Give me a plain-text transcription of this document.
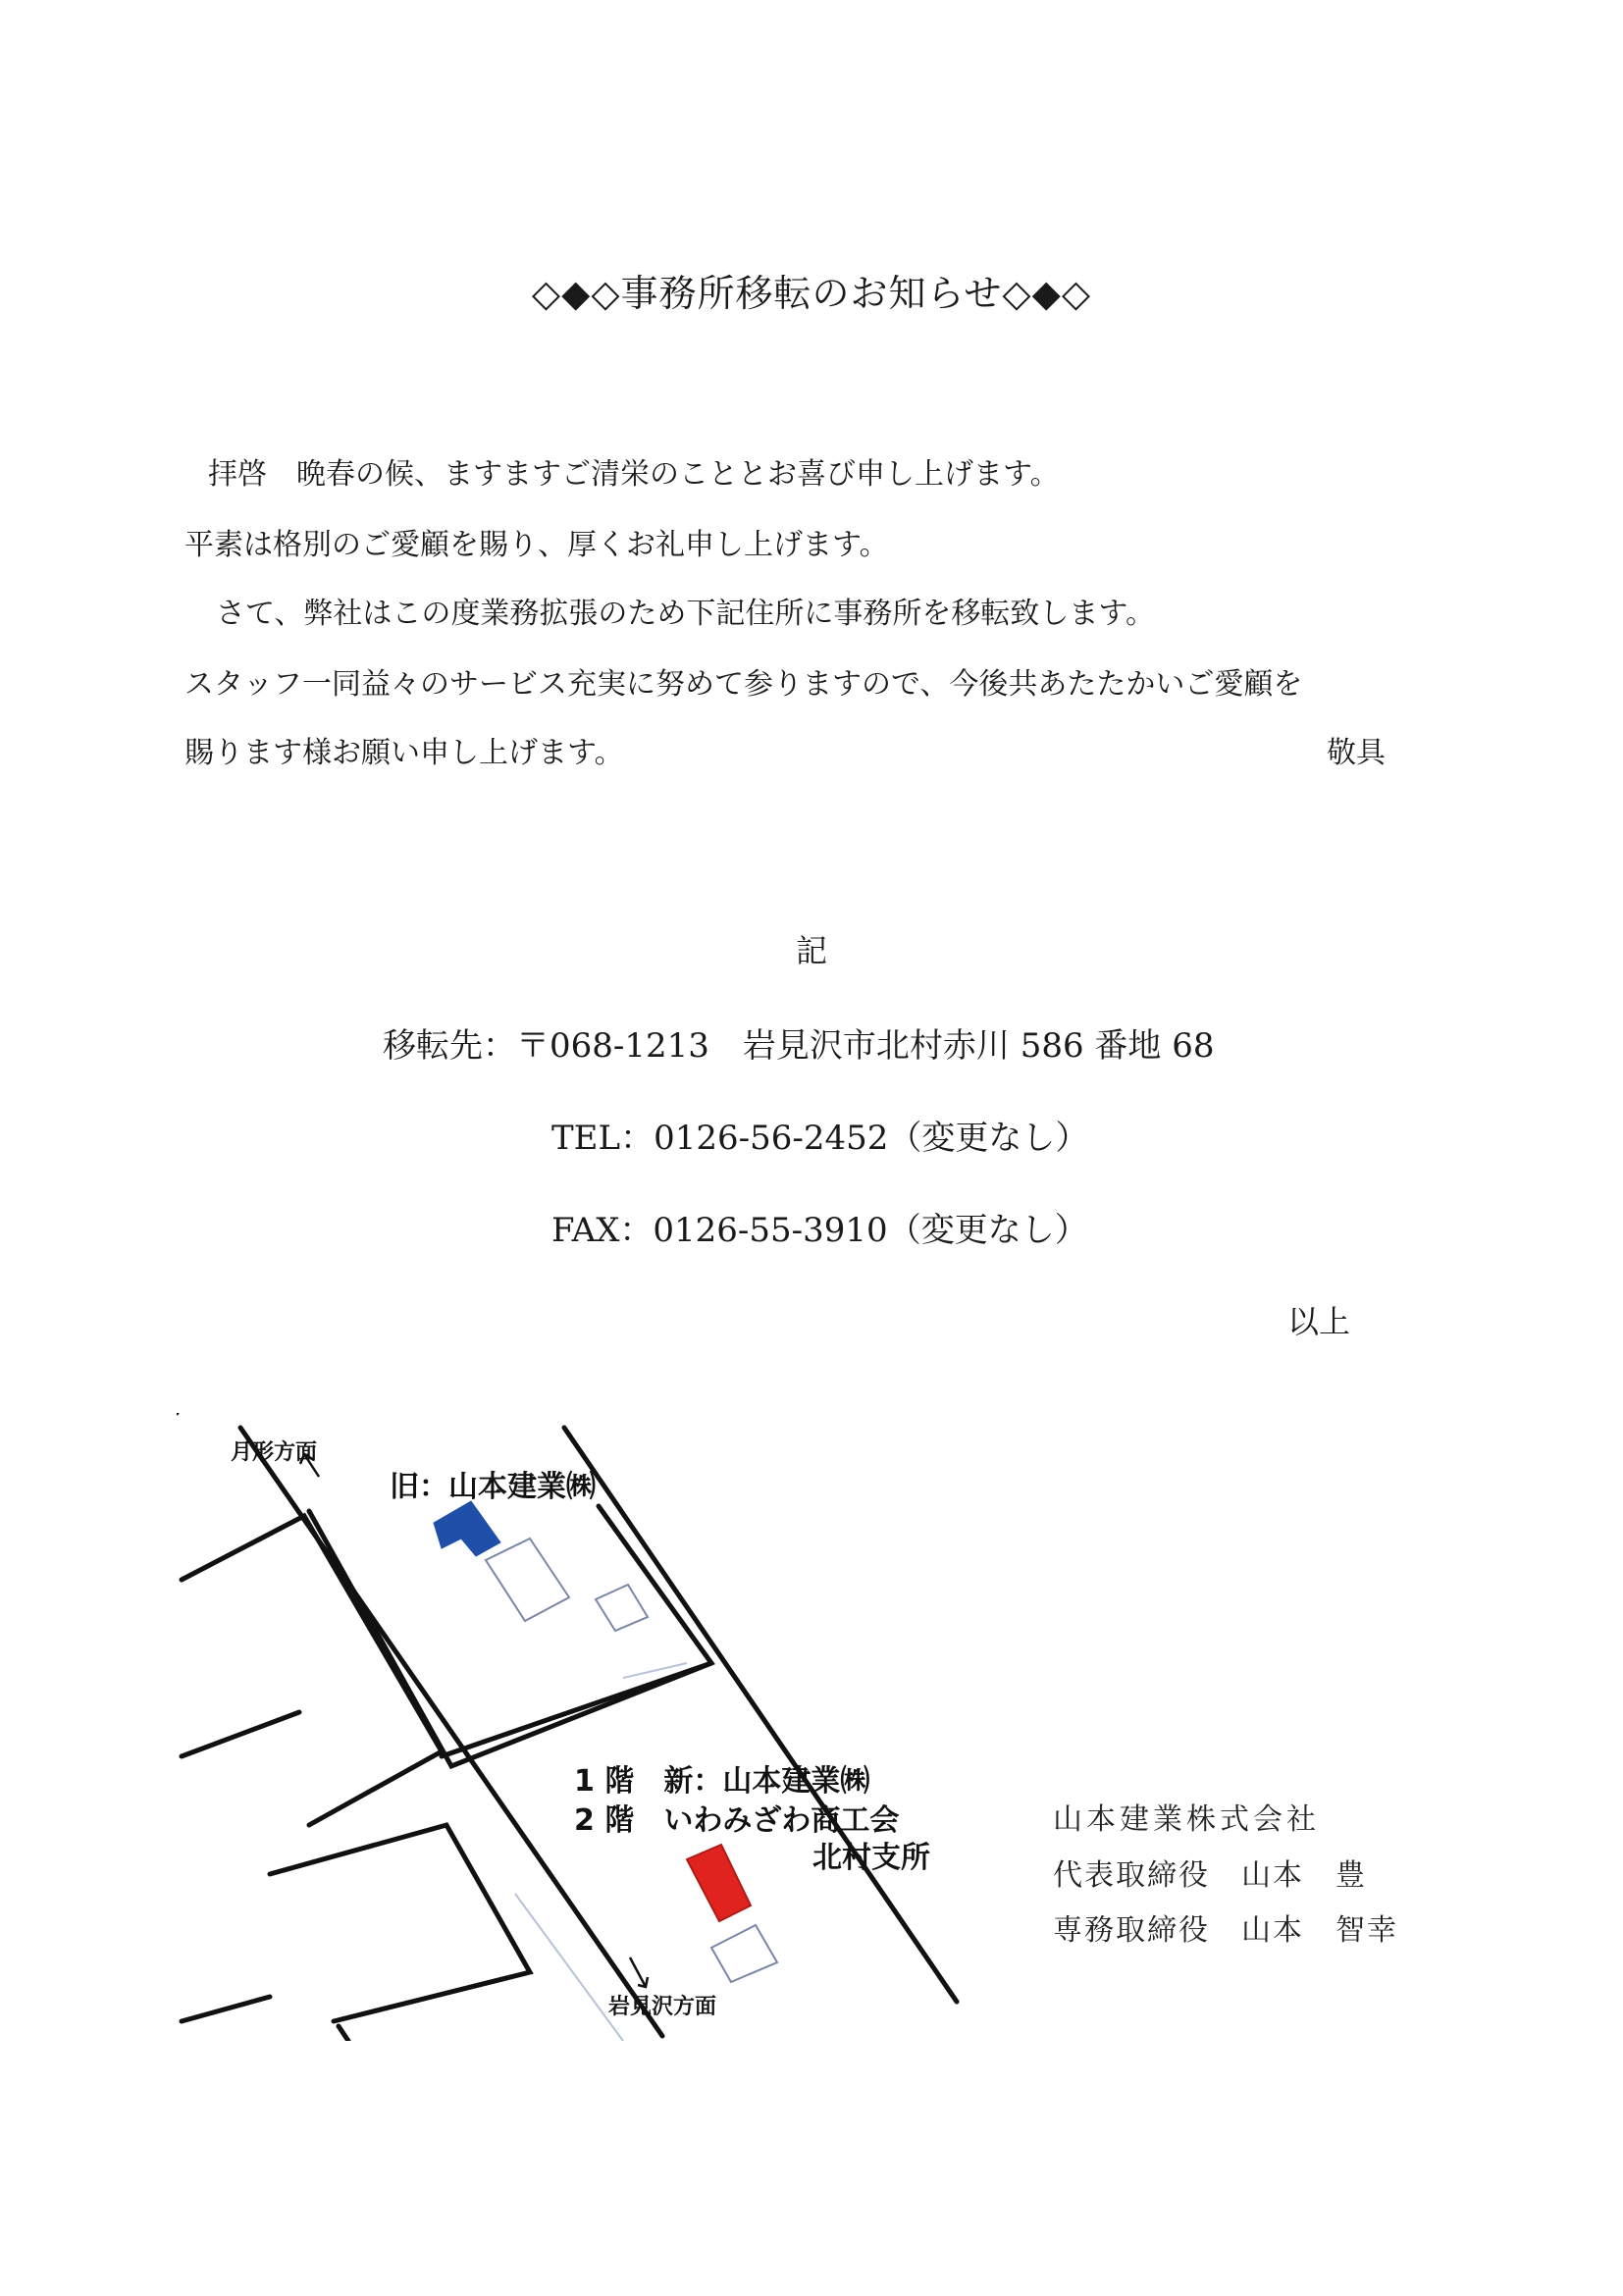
◇◆◇事務所移転のお知らせ◇◆◇
拝啓　晩春の候、ますますご清栄のこととお喜び申し上げます。
平素は格別のご愛顧を賜り、厚くお礼申し上げます。
さて、弊社はこの度業務拡張のため下記住所に事務所を移転致します。
スタッフ一同益々のサービス充実に努めて参りますので、今後共あたたかいご愛顧を
賜ります様お願い申し上げます。	敬具
記
移転先：〒068-1213　岩見沢市北村赤川 586 番地 68
TEL：0126-56-2452（変更なし）
FAX：0126-55-3910（変更なし）
以上
月形方面
旧：山本建業㈱
1 階　新：山本建業㈱
2 階　いわみざわ商工会
北村支所
岩見沢方面
山本建業株式会社
代表取締役　山本　豊
専務取締役　山本　智幸
